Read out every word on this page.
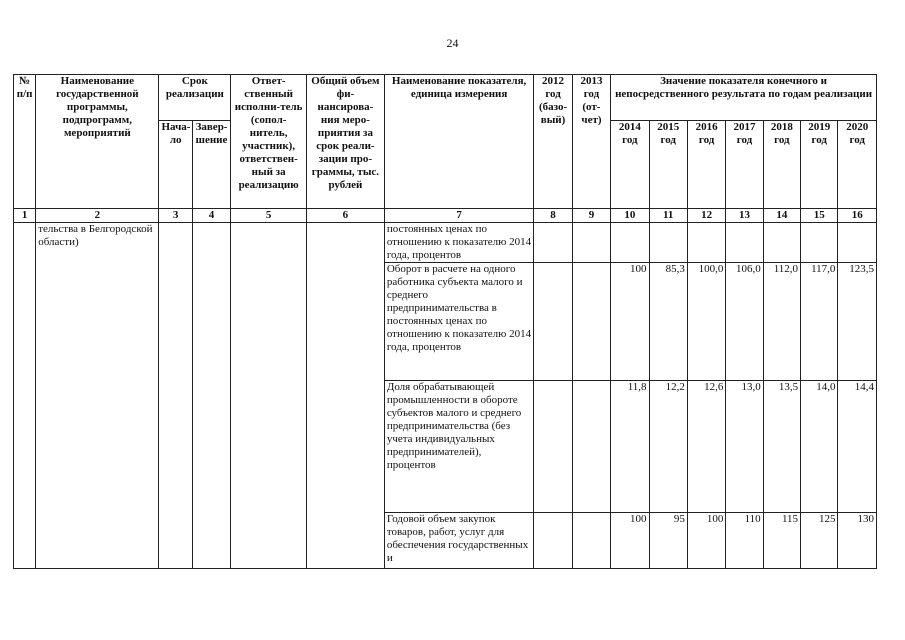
24
№ п/п	Наименование государственной программы, подпрограмм, мероприятий	Срок реализации		Ответ-ственный исполни-тель (сопол-нитель, участник), ответствен-ный за реализацию	Общий объем фи-нансирова-ния меро-приятия за срок реали-зации про-граммы, тыс. рублей	Наименование показателя, единица измерения	2012 год (базо-вый)	2013 год (от-чет)	Значение показателя конечного и непосредственного результата по годам реализации						
		Нача-ло	Завер-шение						2014 год	2015 год	2016 год	2017 год	2018 год	2019 год	2020 год
1	2	3	4	5	6	7	8	9	10	11	12	13	14	15	16
	тельства в Белгородской области)					постоянных ценах по отношению к показателю 2014 года, процентов									
						Оборот в расчете на одного работника субъекта малого и среднего предпринимательства в постоянных ценах по отношению к показателю 2014 года, процентов			100	85,3	100,0	106,0	112,0	117,0	123,5
						Доля обрабатывающей промышленности в обороте субъектов малого и среднего предпринимательства (без учета индивидуальных предпринимателей), процентов			11,8	12,2	12,6	13,0	13,5	14,0	14,4
						Годовой объем закупок товаров, работ, услуг для обеспечения государственных и			100	95	100	110	115	125	130
